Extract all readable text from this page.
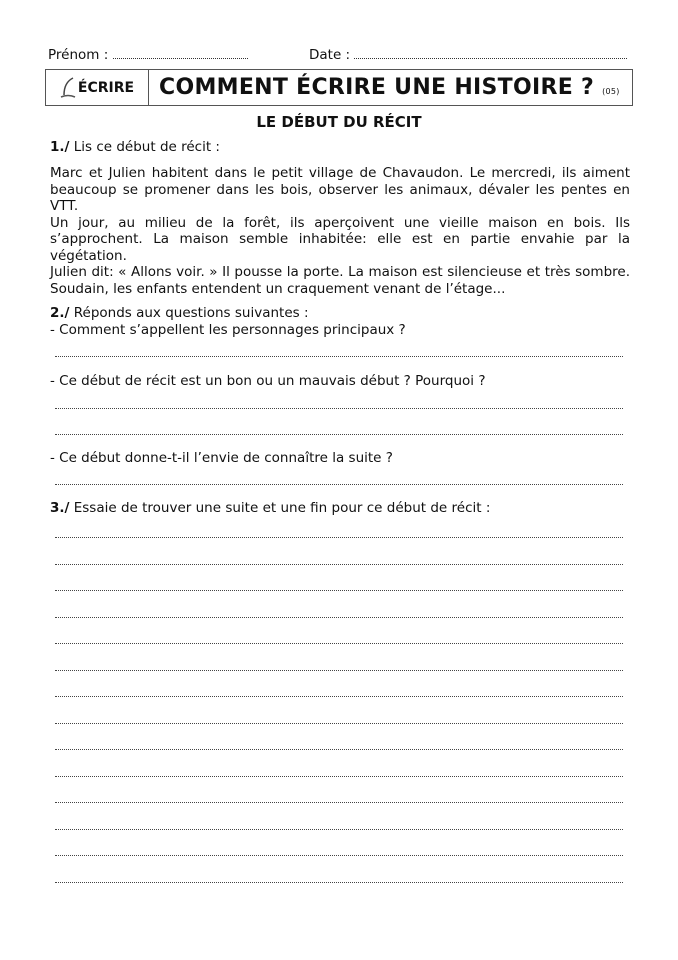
Prénom :	Date :
ÉCRIRE COMMENT ÉCRIRE UNE HISTOIRE ? (05)
LE DÉBUT DU RÉCIT
1./ Lis ce début de récit :

Marc et Julien habitent dans le petit village de Chavaudon. Le mercredi, ils aiment beaucoup se promener dans les bois, observer les animaux, dévaler les pentes en VTT.

Un jour, au milieu de la forêt, ils aperçoivent une vieille maison en bois. Ils s’approchent. La maison semble inhabitée: elle est en partie envahie par la végétation.

Julien dit: « Allons voir. » Il pousse la porte. La maison est silencieuse et très sombre. Soudain, les enfants entendent un craquement venant de l’étage...

2./ Réponds aux questions suivantes :
- Comment s’appellent les personnages principaux ?
- Ce début de récit est un bon ou un mauvais début ? Pourquoi ?
- Ce début donne-t-il l’envie de connaître la suite ?
3./ Essaie de trouver une suite et une fin pour ce début de récit :
